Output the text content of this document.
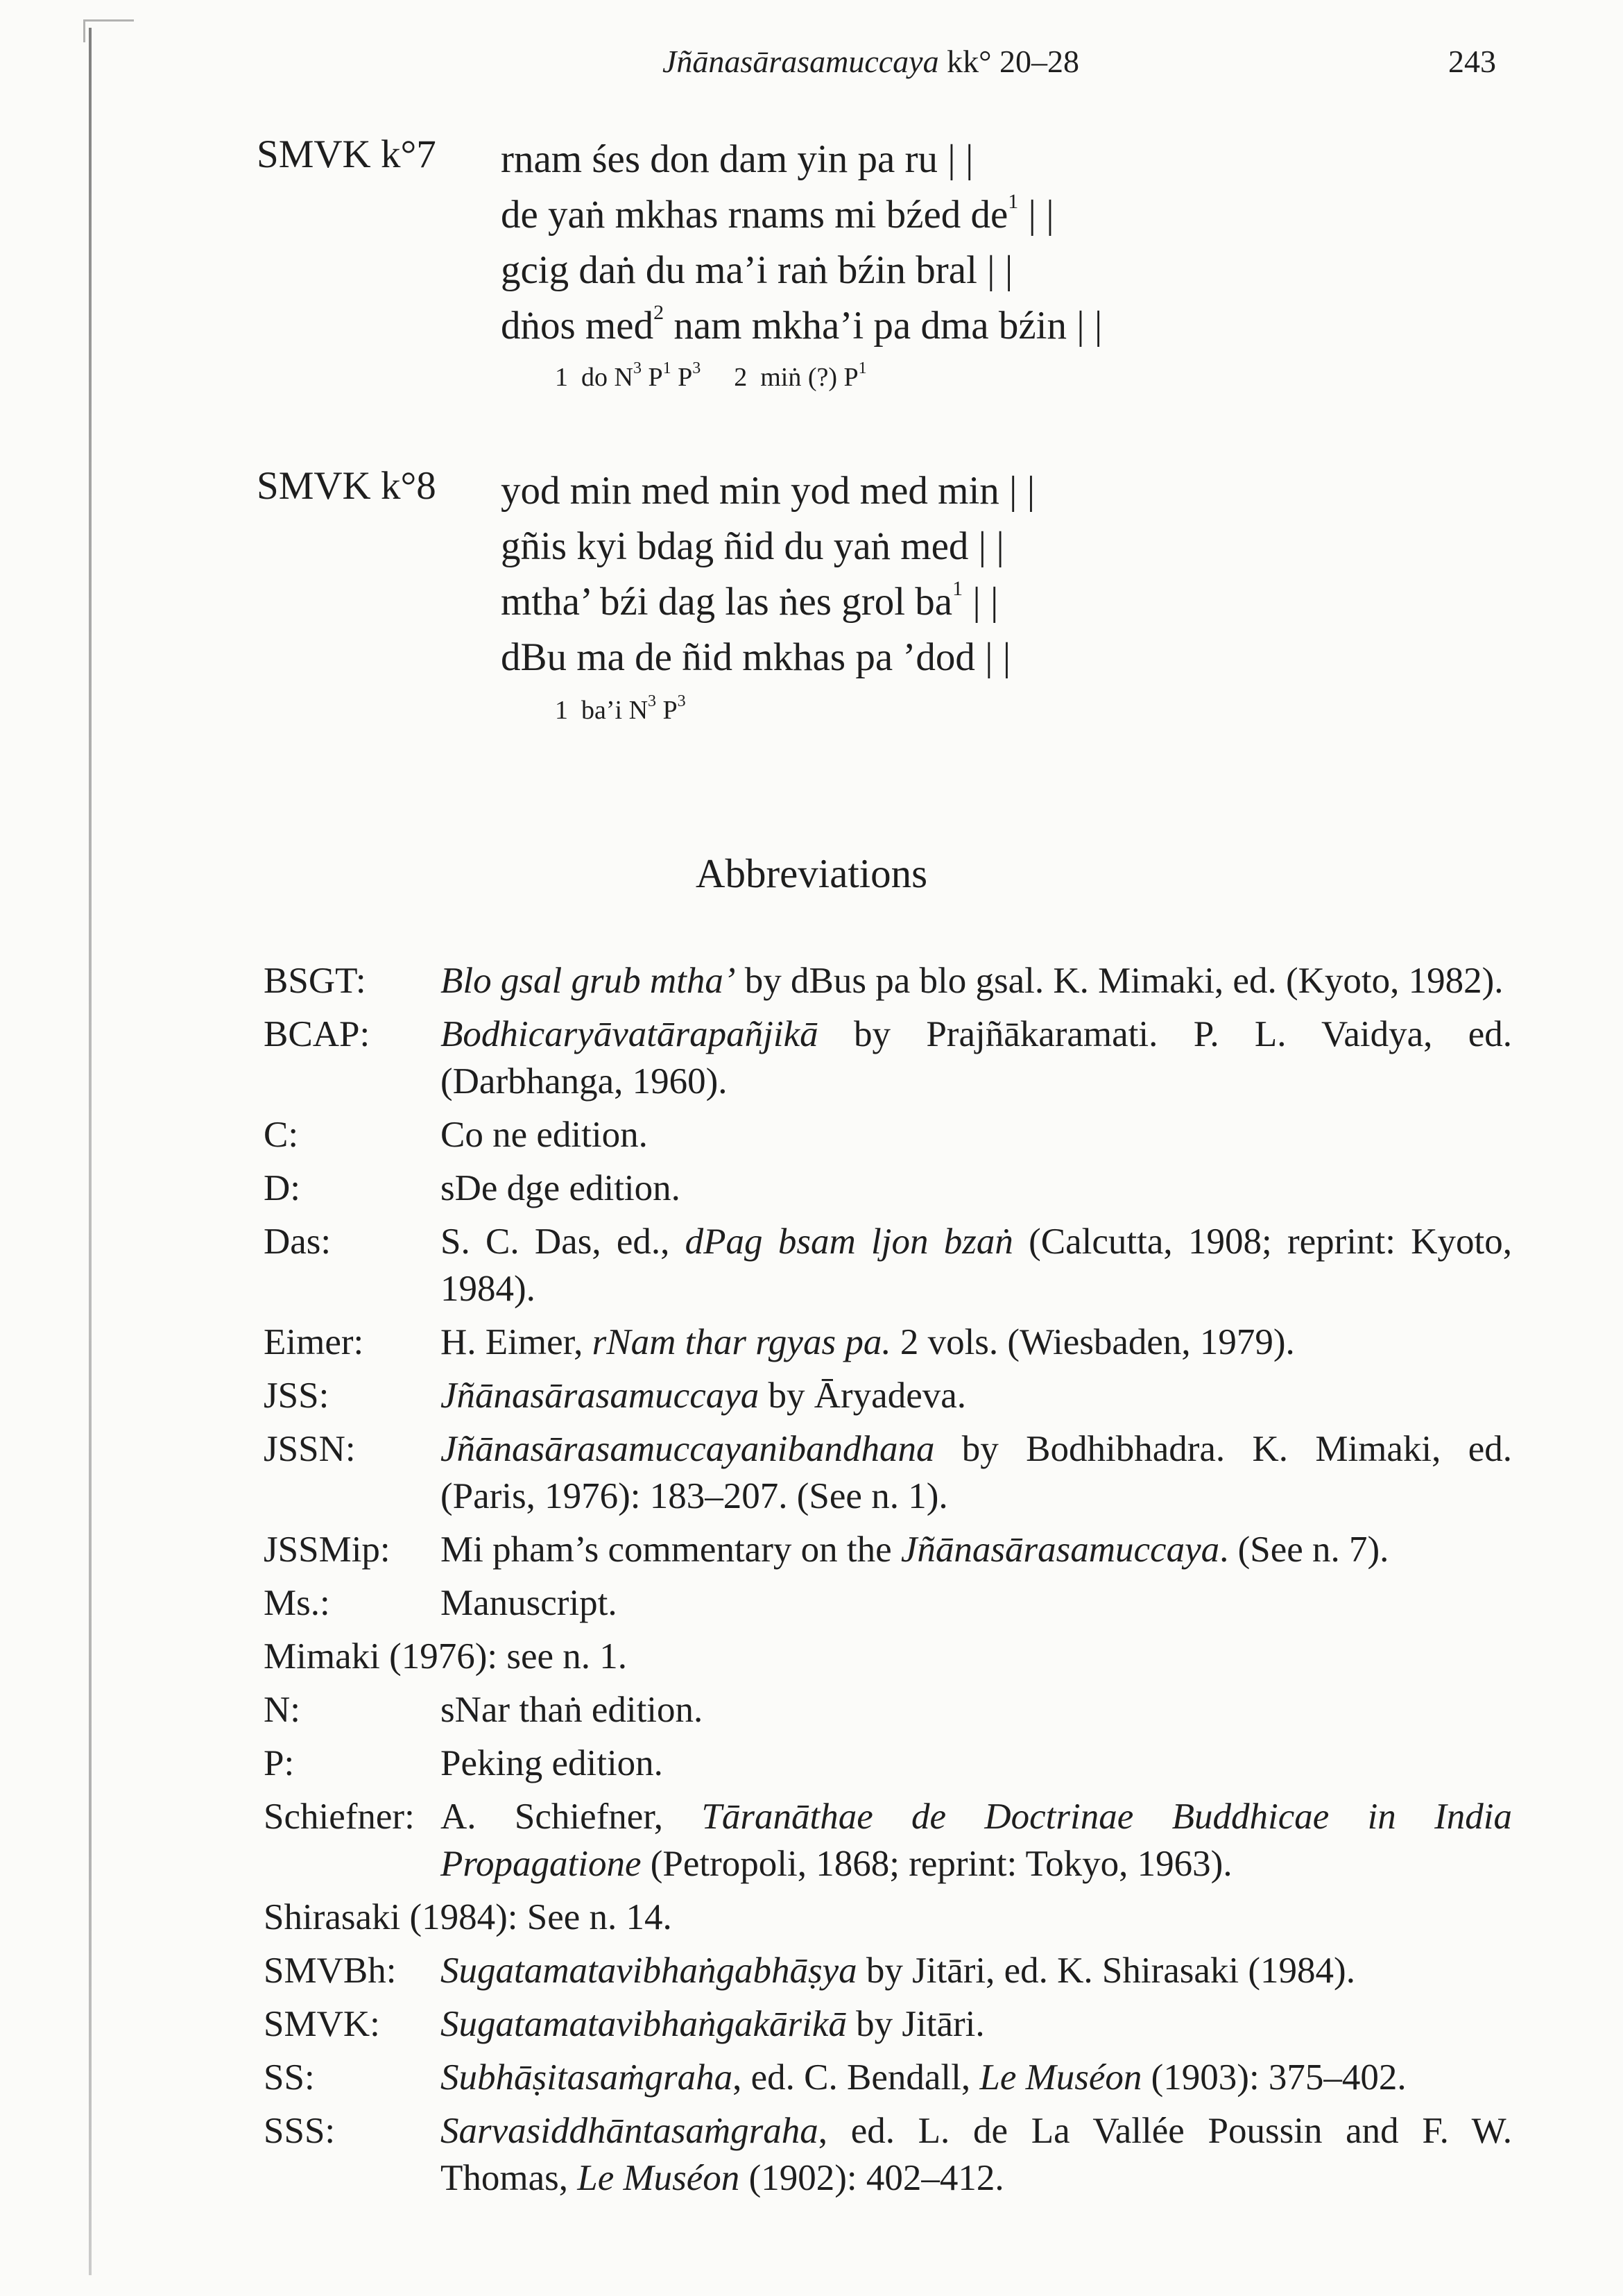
Jñānasārasamuccaya kk° 20–28	243
SMVK k°7 rnam śes don dam yin pa ru | |
de yaṅ mkhas rnams mi bźed de$^1$ | |
gcig daṅ du ma’i raṅ bźin bral | |
dṅos med$^2$ nam mkha’i pa dma bźin | |
1 do $N^3$ $P^1$ $P^3$ 2 miṅ (?) $P^1$
SMVK k°8 yod min med min yod med min | |
gñis kyi bdag ñid du yaṅ med | |
mtha’ bźi dag las ṅes grol ba$^1$ | |
dBu ma de ñid mkhas pa ’dod | |
1 ba’i $N^3$ $P^3$
Abbreviations
BSGT: Blo gsal grub mtha’ by dBus pa blo gsal. K. Mimaki, ed. (Kyoto, 1982).
BCAP: Bodhicaryāvatārapañjikā by Prajñākaramati. P. L. Vaidya, ed. (Darbhanga, 1960).
C:	Co ne edition.
D:	sDe dge edition.
Das:	S. C. Das, ed., dPag bsam ljon bzaṅ (Calcutta, 1908; reprint: Kyoto, 1984).
Eimer: H. Eimer, rNam thar rgyas pa. 2 vols. (Wiesbaden, 1979).
JSS:	Jñānasārasamuccaya by Āryadeva.
JSSN: Jñānasārasamuccayanibandhana by Bodhibhadra. K. Mimaki, ed. (Paris, 1976): 183–207. (See n. 1).
JSSMip: Mi pham’s commentary on the Jñānasārasamuccaya. (See n. 7).
Ms.:	Manuscript.
Mimaki (1976): see n. 1.
N:	sNar thaṅ edition.
P:	Peking edition.
Schiefner: A. Schiefner, Tāranāthae de Doctrinae Buddhicae in India Propagatione (Petropoli, 1868; reprint: Tokyo, 1963).
Shirasaki (1984): See n. 14.
SMVBh: Sugatamatavibhaṅgabhāṣya by Jitāri, ed. K. Shirasaki (1984).
SMVK: Sugatamatavibhaṅgakārikā by Jitāri.
SS:	Subhāṣitasaṁgraha, ed. C. Bendall, Le Muséon (1903): 375–402.
SSS:	Sarvasiddhāntasaṁgraha, ed. L. de La Vallée Poussin and F. W. Thomas, Le Muséon (1902): 402–412.
